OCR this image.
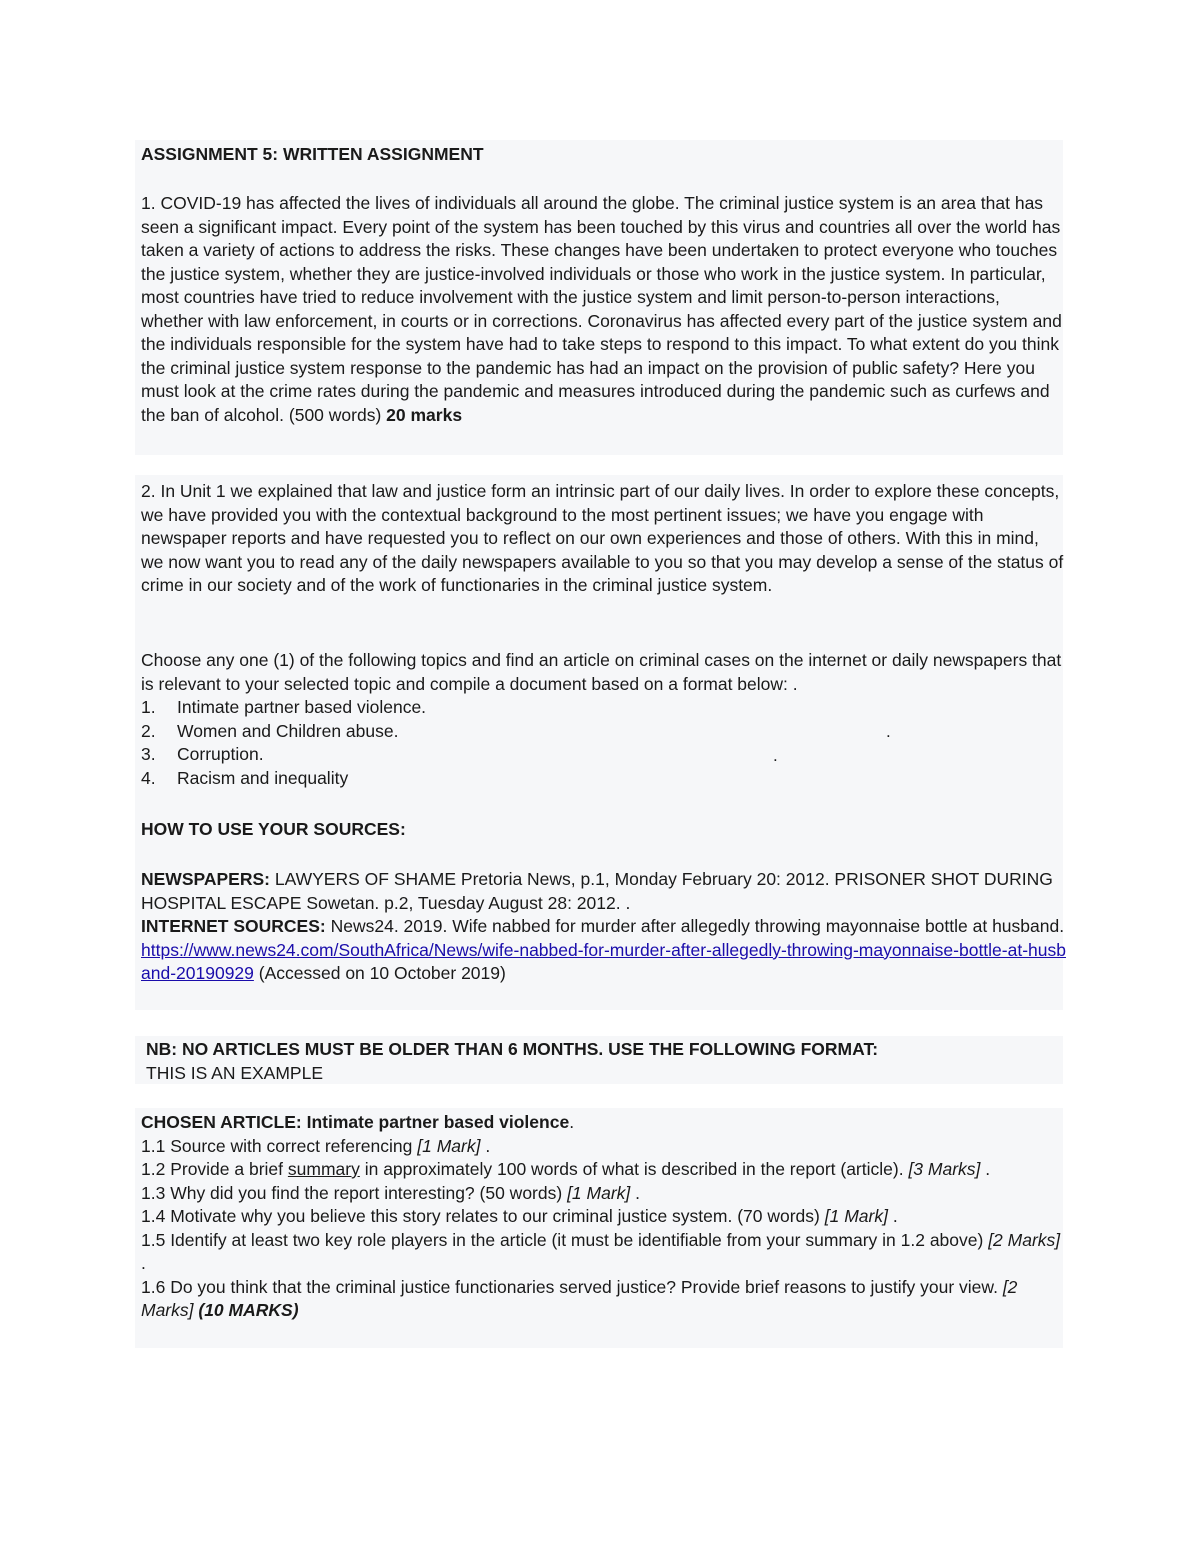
ASSIGNMENT 5: WRITTEN ASSIGNMENT
1. COVID-19 has affected the lives of individuals all around the globe. The criminal justice system is an area that has seen a significant impact. Every point of the system has been touched by this virus and countries all over the world has taken a variety of actions to address the risks. These changes have been undertaken to protect everyone who touches the justice system, whether they are justice-involved individuals or those who work in the justice system. In particular, most countries have tried to reduce involvement with the justice system and limit person-to-person interactions, whether with law enforcement, in courts or in corrections. Coronavirus has affected every part of the justice system and the individuals responsible for the system have had to take steps to respond to this impact. To what extent do you think the criminal justice system response to the pandemic has had an impact on the provision of public safety? Here you must look at the crime rates during the pandemic and measures introduced during the pandemic such as curfews and the ban of alcohol. (500 words) 20 marks

2. In Unit 1 we explained that law and justice form an intrinsic part of our daily lives. In order to explore these concepts, we have provided you with the contextual background to the most pertinent issues; we have you engage with newspaper reports and have requested you to reflect on our own experiences and those of others. With this in mind, we now want you to read any of the daily newspapers available to you so that you may develop a sense of the status of crime in our society and of the work of functionaries in the criminal justice system.

Choose any one (1) of the following topics and find an article on criminal cases on the internet or daily newspapers that is relevant to your selected topic and compile a document based on a format below: .

1.	Intimate partner based violence.
2.	Women and Children abuse.
3.	Corruption.
4.	Racism and inequality
.
.
HOW TO USE YOUR SOURCES:

NEWSPAPERS: LAWYERS OF SHAME Pretoria News, p.1, Monday February 20: 2012. PRISONER SHOT DURING HOSPITAL ESCAPE Sowetan. p.2, Tuesday August 28: 2012. .

INTERNET SOURCES: News24. 2019. Wife nabbed for murder after allegedly throwing mayonnaise bottle at husband. https://www.news24.com/SouthAfrica/News/wife-nabbed-for-murder-after-allegedly-throwing-mayonnaise-bottle-at-husband-20190929 (Accessed on 10 October 2019)

NB: NO ARTICLES MUST BE OLDER THAN 6 MONTHS. USE THE FOLLOWING FORMAT:

THIS IS AN EXAMPLE

CHOSEN ARTICLE: Intimate partner based violence.

1.1 Source with correct referencing [1 Mark] .

1.2 Provide a brief summary in approximately 100 words of what is described in the report (article). [3 Marks] .

1.3 Why did you find the report interesting? (50 words) [1 Mark] .

1.4 Motivate why you believe this story relates to our criminal justice system. (70 words) [1 Mark] .

1.5 Identify at least two key role players in the article (it must be identifiable from your summary in 1.2 above) [2 Marks] .

1.6 Do you think that the criminal justice functionaries served justice? Provide brief reasons to justify your view. [2 Marks] (10 MARKS)
